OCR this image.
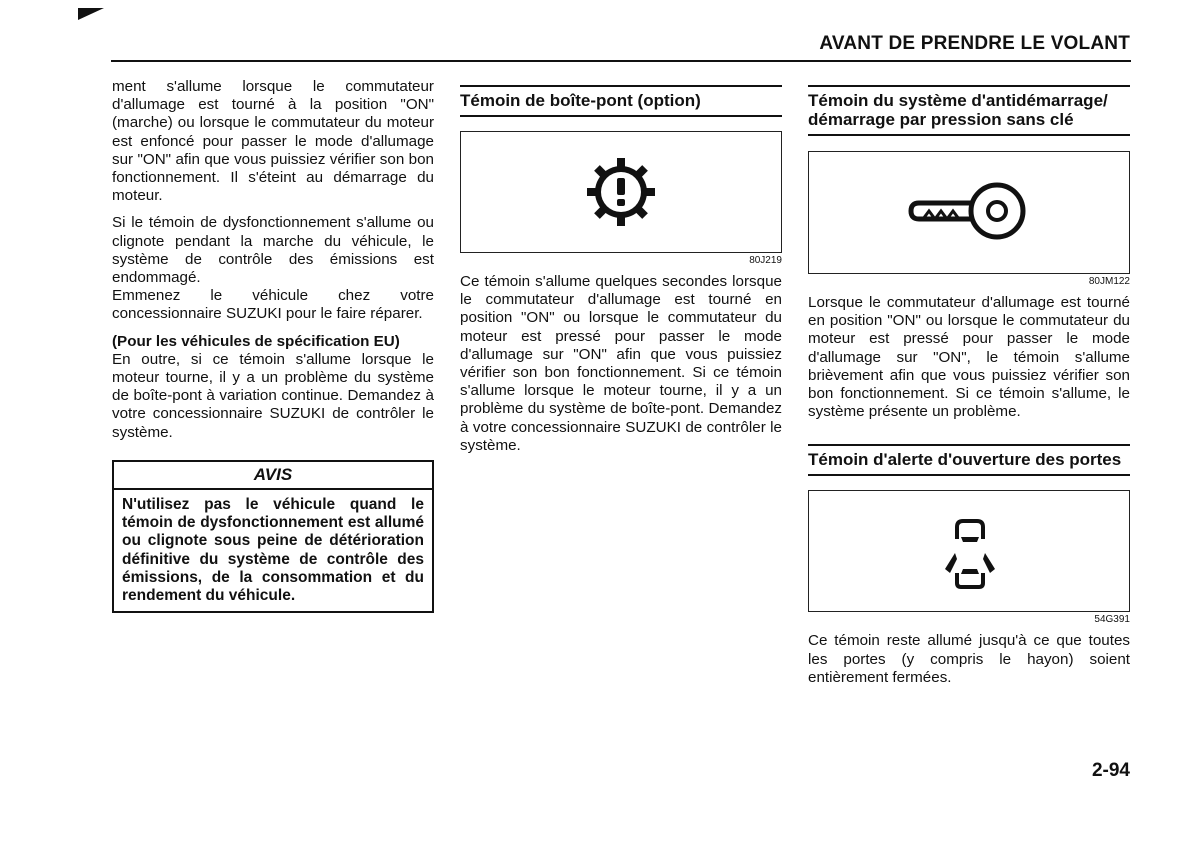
AVANT DE PRENDRE LE VOLANT

ment s'allume lorsque le commutateur d'allumage est tourné à la position "ON" (marche) ou lorsque le commutateur du moteur est enfoncé pour passer le mode d'allumage sur "ON" afin que vous puissiez vérifier son bon fonctionnement. Il s'éteint au démarrage du moteur.

Si le témoin de dysfonctionnement s'allume ou clignote pendant la marche du véhicule, le système de contrôle des émissions est endommagé.

Emmenez le véhicule chez votre concessionnaire SUZUKI pour le faire réparer.

(Pour les véhicules de spécification EU)

En outre, si ce témoin s'allume lorsque le moteur tourne, il y a un problème du système de boîte-pont à variation continue. Demandez à votre concessionnaire SUZUKI de contrôler le système.

AVIS
N'utilisez pas le véhicule quand le témoin de dysfonctionnement est allumé ou clignote sous peine de détérioration définitive du système de contrôle des émissions, de la consommation et du rendement du véhicule.
Témoin de boîte-pont (option)
80J219

Ce témoin s'allume quelques secondes lorsque le commutateur d'allumage est tourné en position "ON" ou lorsque le commutateur du moteur est pressé pour passer le mode d'allumage sur "ON" afin que vous puissiez vérifier son bon fonctionnement. Si ce témoin s'allume lorsque le moteur tourne, il y a un problème du système de boîte-pont. Demandez à votre concessionnaire SUZUKI de contrôler le système.

Témoin du système d'antidémarrage/ démarrage par pression sans clé
80JM122

Lorsque le commutateur d'allumage est tourné en position "ON" ou lorsque le commutateur du moteur est pressé pour passer le mode d'allumage sur "ON", le témoin s'allume brièvement afin que vous puissiez vérifier son bon fonctionnement. Si ce témoin s'allume, le système présente un problème.

Témoin d'alerte d'ouverture des portes
54G391

Ce témoin reste allumé jusqu'à ce que toutes les portes (y compris le hayon) soient entièrement fermées.

2-94
